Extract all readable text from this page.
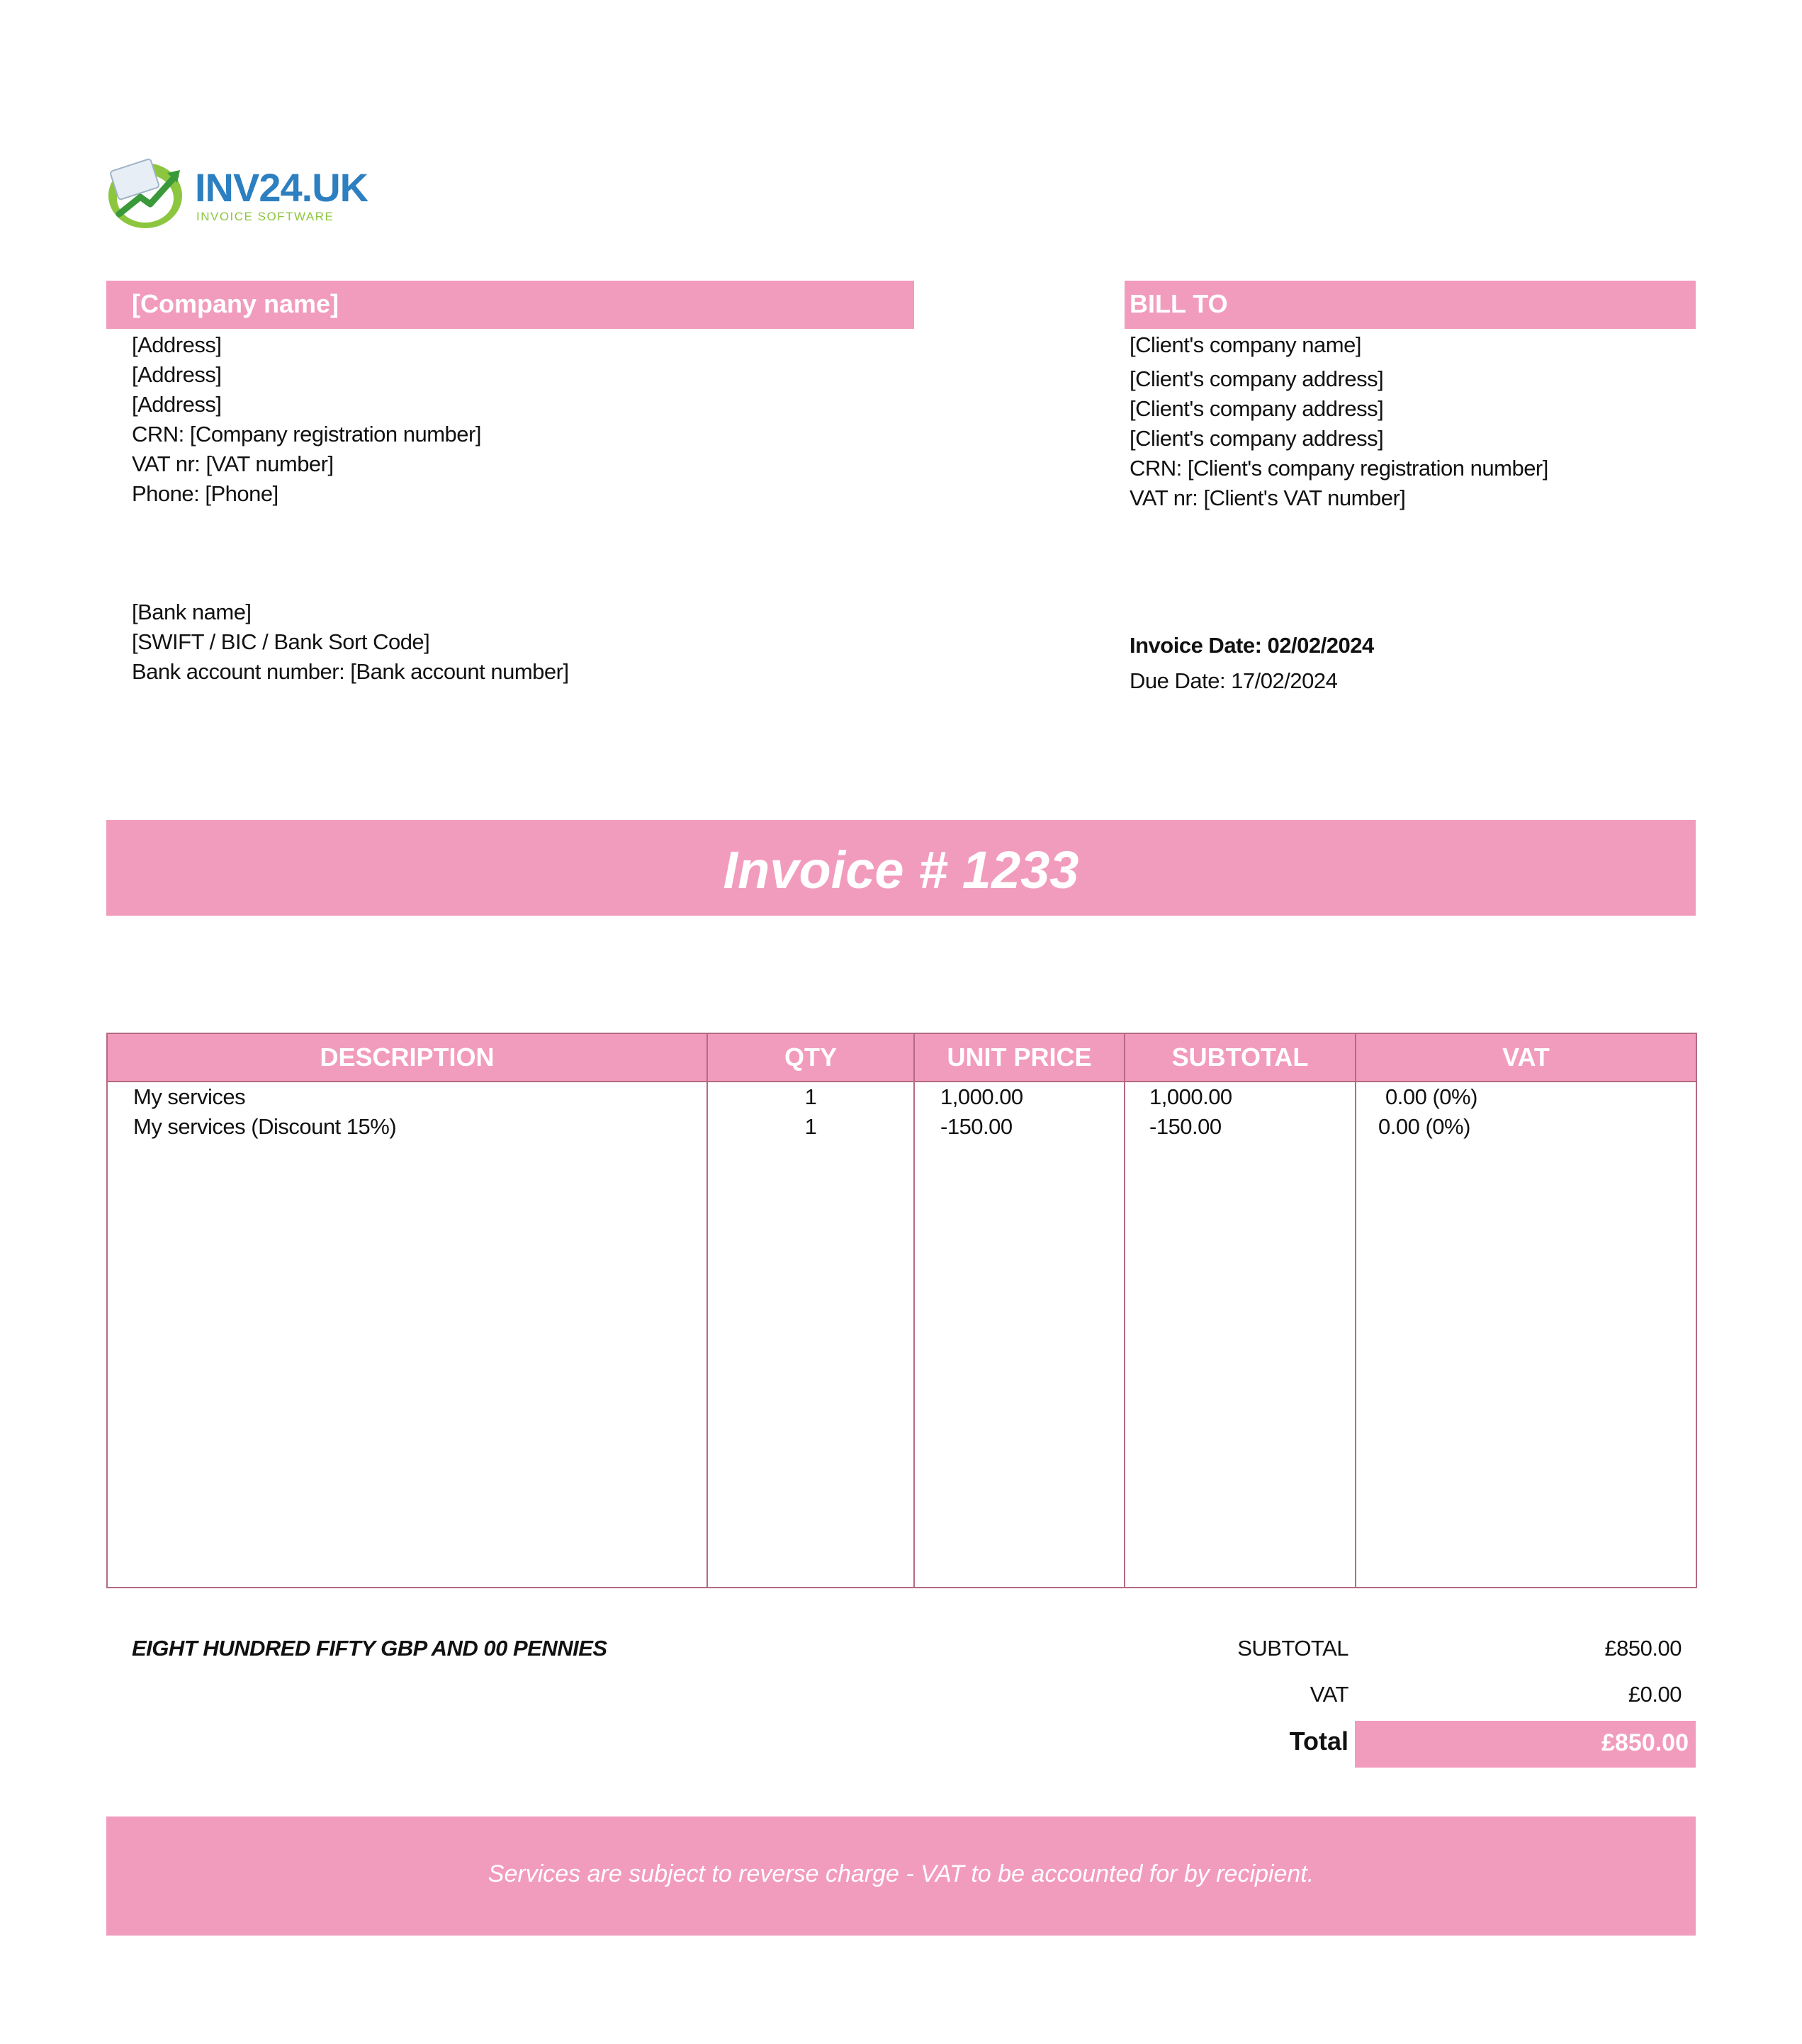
INV24.UK
INVOICE SOFTWARE
[Company name]	BILL TO
[Address]
[Address]
[Address]
CRN: [Company registration number]
VAT nr: [VAT number]
Phone: [Phone]
[Client's company name]
[Client's company address]
[Client's company address]
[Client's company address]
CRN: [Client's company registration number]
VAT nr: [Client's VAT number]
[Bank name]
[SWIFT / BIC / Bank Sort Code]
Bank account number: [Bank account number]
Invoice Date: 02/02/2024
Due Date: 17/02/2024
Invoice # 1233
DESCRIPTION	QTY	UNIT PRICE	SUBTOTAL	VAT
My services	1	1,000.00	1,000.00	0.00 (0%)
My services (Discount 15%)	1	-150.00	-150.00	0.00 (0%)
EIGHT HUNDRED FIFTY GBP AND 00 PENNIES	SUBTOTAL	£850.00
VAT	£0.00
Total	£850.00
Services are subject to reverse charge - VAT to be accounted for by recipient.
